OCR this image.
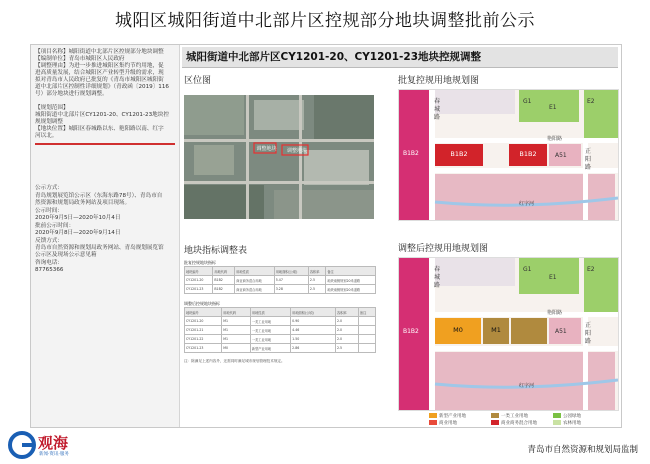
城阳区城阳街道中北部片区控规部分地块调整批前公示
【项目名称】城阳街道中北部片区控规部分地块调整
【编制单位】青岛市城阳区人民政府
【调整理由】为进一步推进城阳区集约节约用地，促
进高质量发展，结合城阳区产业转型升级的需求，现
拟对青岛市人民政府已批复的《青岛市城阳区城阳街
道中北部片区控制性详细规划》（青政函〔2019〕116
号）部分地块进行规划调整。
【规划范围】
城阳街道中北部片区CY1201-20、CY1201-23地块控
规规划调整
【地块位置】城阳区春城路以东、艳阳路以南、红字
河以北。
公示方式：
青岛规划展览馆公示区（东海东路78号）、青岛市自
然资源和规划局政务网站及项目现场。
公示时间：
2020年9月5日—2020年10月4日
批前公示时间：
2020年9月8日—2020年9月14日
反馈方式：
青岛市自然资源和规划局政务网站、青岛规划展览馆
公示区及现场公示意见箱
咨询电话：
87765366
城阳街道中北部片区CY1201-20、CY1201-23地块控规调整
区位图
调整地块	调整地块
批复控规用地规划图
春
城
路
艳阳路
正
阳
路
红字河
B1B2	B1B2
B1B2
E2
E1
A51
G1
地块指标调整表
批复控规地块指标
地块编号	用地代码	用地性质	用地面积(公顷)	容积率	备注
CY1201-20	B1B2	商业商务混合用地	5.47	2.5	地块南侧规划20米道路
CY1201-23	B1B2	商业商务混合用地	3.28	2.5	地块南侧规划20米道路
调整后控规地块指标
地块编号	用地代码	用地性质	用地面积(公顷)	容积率	备注
CY1201-20	M1	一类工业用地	0.90	2.0	
CY1201-21	M1	一类工业用地	4.46	2.0	
CY1201-22	M1	一类工业用地	1.50	2.0	
CY1201-23	M0	新型产业用地	2.86	2.5	
注：除满足上述内容外，还需同时满足城市规划管理技术规定。
调整后控规用地规划图
春
城
路
艳阳路
正
阳
路
红字河
M0	M1
B1B2
E2
E1
A51
G1
新型产业用地	一类工业用地	公园绿地
商业用地	商业商务混合用地	农林用地
观海
新闻·资讯·服务	青岛市自然资源和规划局监制
